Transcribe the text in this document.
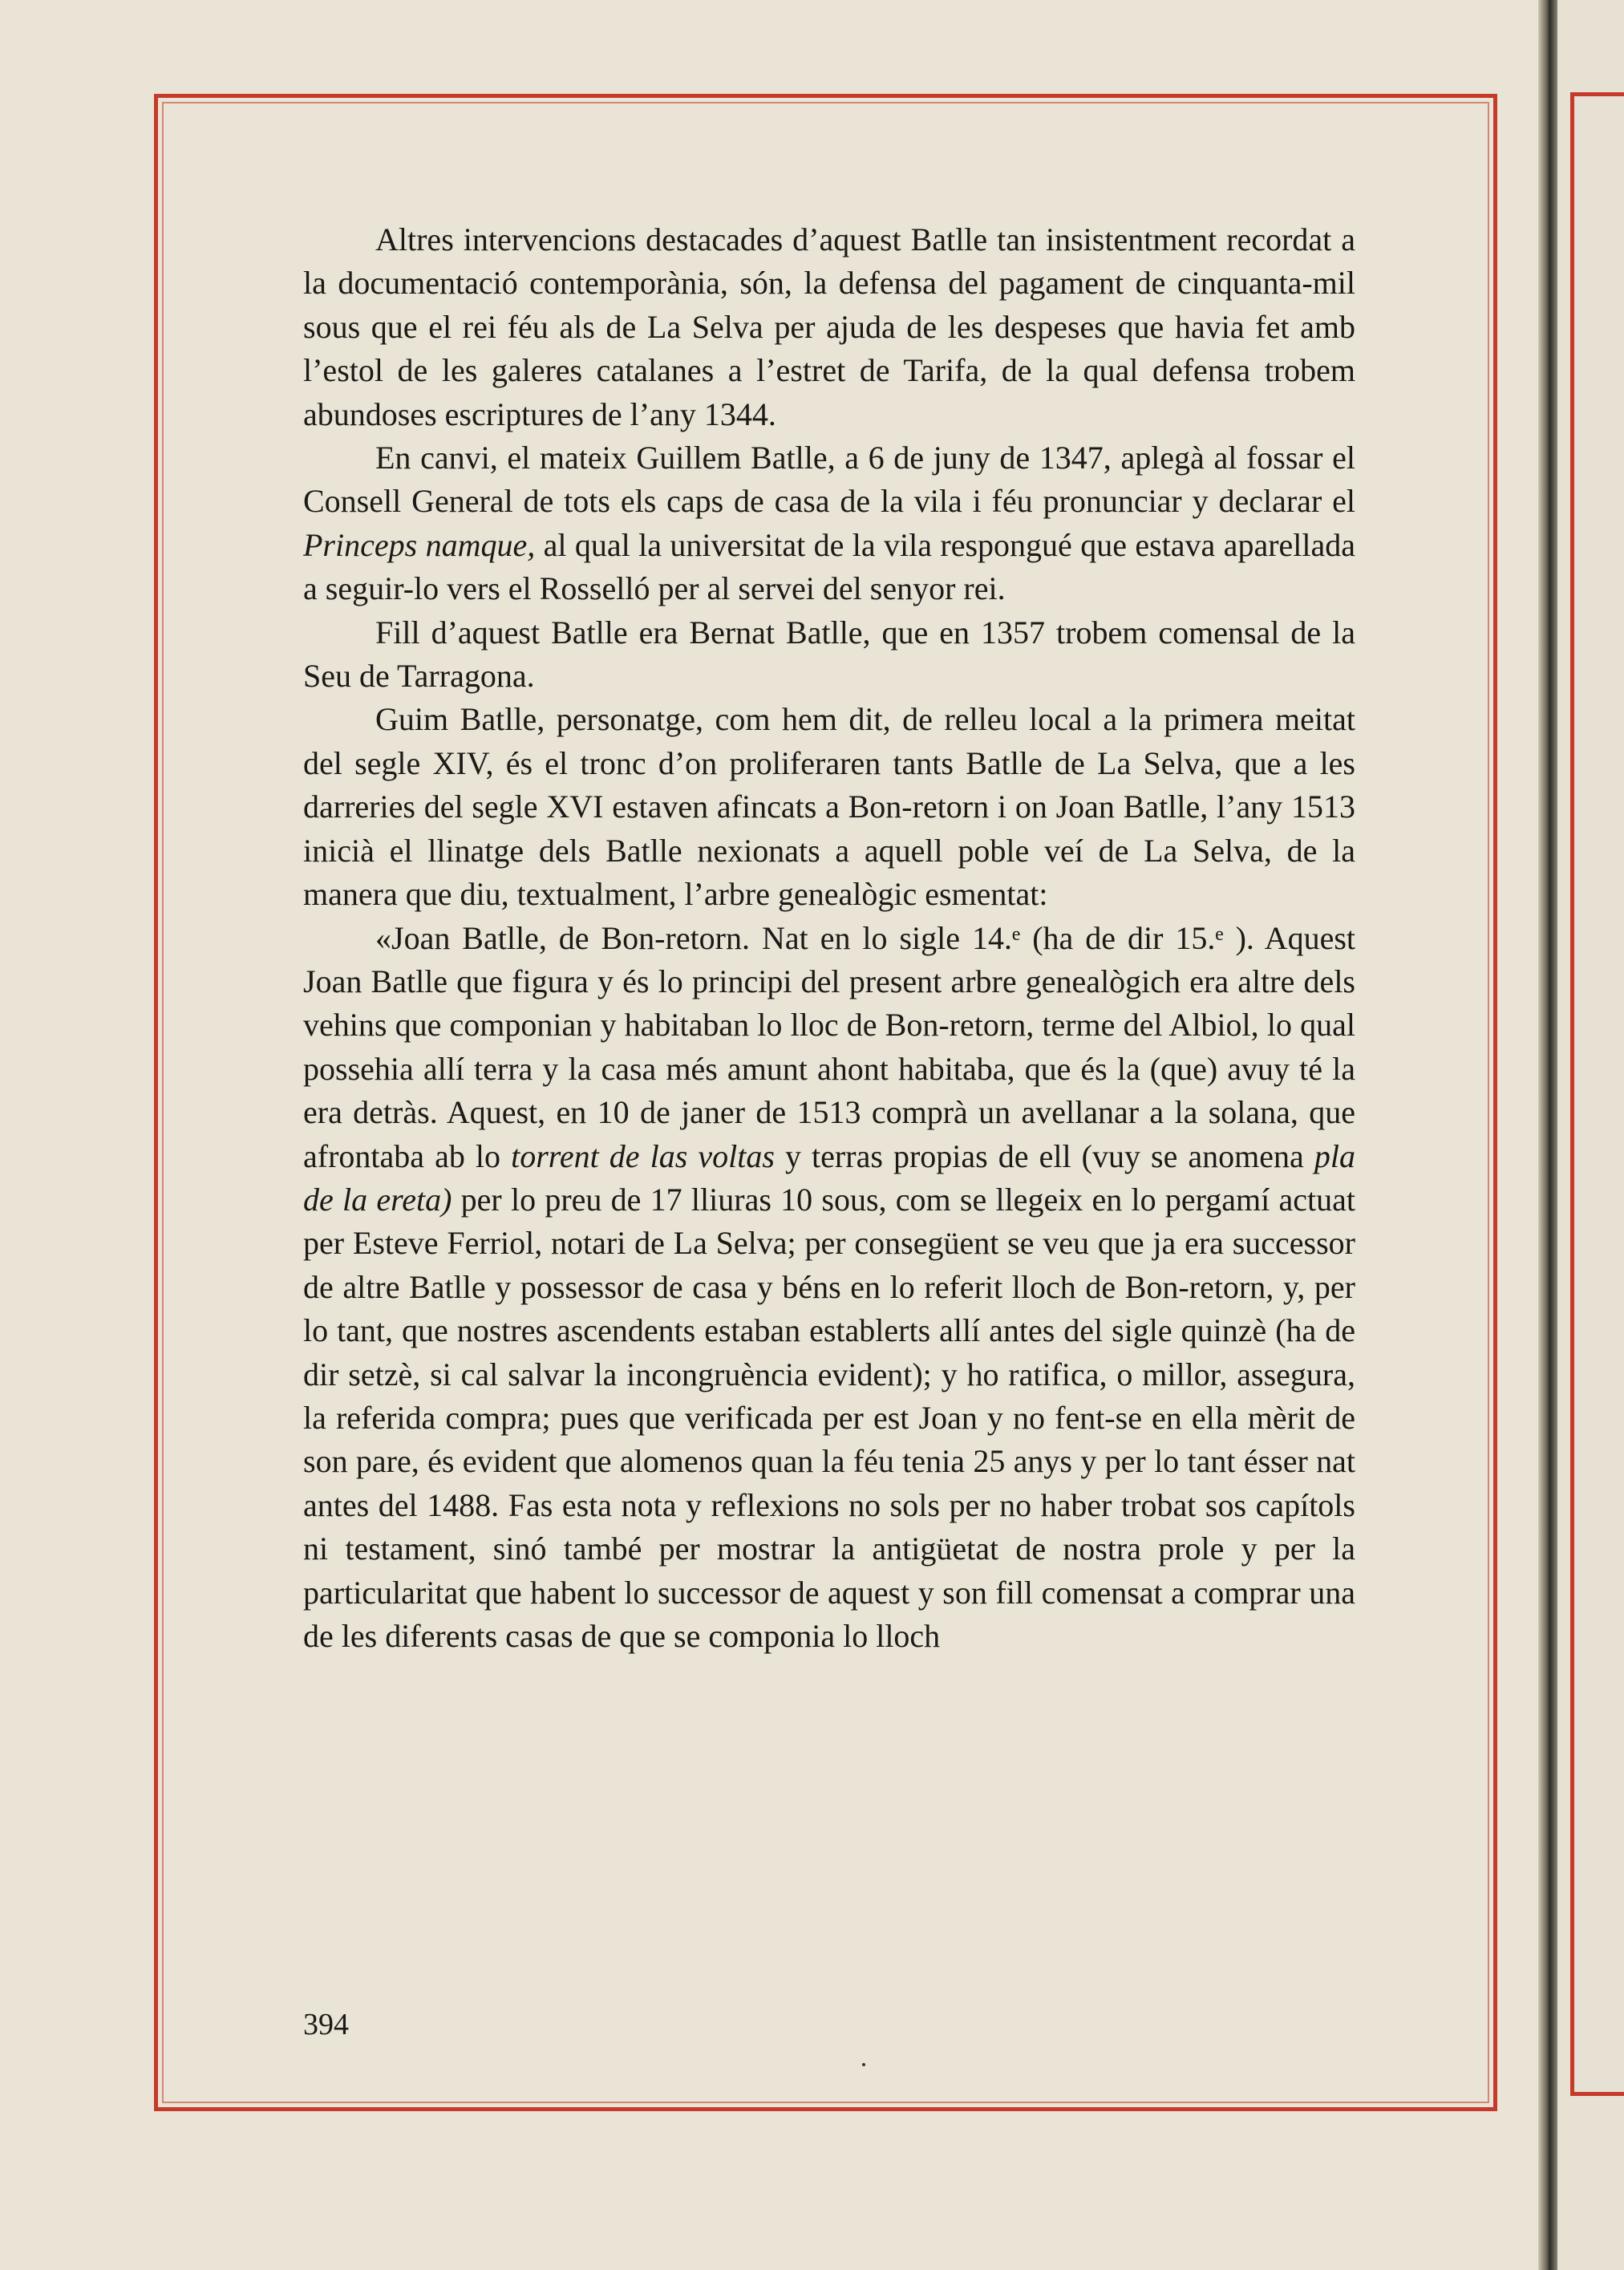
Altres intervencions destacades d’aquest Batlle tan insistentment recordat a la documentació contemporània, són, la defensa del pagament de cinquanta-mil sous que el rei féu als de La Selva per ajuda de les despeses que havia fet amb l’estol de les galeres catalanes a l’estret de Tarifa, de la qual defensa trobem abundoses escriptures de l’any 1344.

En canvi, el mateix Guillem Batlle, a 6 de juny de 1347, aplegà al fossar el Consell General de tots els caps de casa de la vila i féu pronunciar y declarar el Princeps namque, al qual la universitat de la vila respongué que estava aparellada a seguir-lo vers el Rosselló per al servei del senyor rei.

Fill d’aquest Batlle era Bernat Batlle, que en 1357 trobem comensal de la Seu de Tarragona.

Guim Batlle, personatge, com hem dit, de relleu local a la primera meitat del segle XIV, és el tronc d’on proliferaren tants Batlle de La Selva, que a les darreries del segle XVI estaven afincats a Bon-retorn i on Joan Batlle, l’any 1513 inicià el llinatge dels Batlle nexionats a aquell poble veí de La Selva, de la manera que diu, textualment, l’arbre genealògic esmentat:

«Joan Batlle, de Bon-retorn. Nat en lo sigle 14.ᵉ (ha de dir 15.ᵉ ). Aquest Joan Batlle que figura y és lo principi del present arbre genealògich era altre dels vehins que componian y habitaban lo lloc de Bon-retorn, terme del Albiol, lo qual possehia allí terra y la casa més amunt ahont habitaba, que és la (que) avuy té la era detràs. Aquest, en 10 de janer de 1513 comprà un avellanar a la solana, que afrontaba ab lo torrent de las voltas y terras propias de ell (vuy se anomena pla de la ereta) per lo preu de 17 lliuras 10 sous, com se llegeix en lo pergamí actuat per Esteve Ferriol, notari de La Selva; per consegüent se veu que ja era successor de altre Batlle y possessor de casa y béns en lo referit lloch de Bon-retorn, y, per lo tant, que nostres ascendents estaban establerts allí antes del sigle quinzè (ha de dir setzè, si cal salvar la incongruència evident); y ho ratifica, o millor, assegura, la referida compra; pues que verificada per est Joan y no fent-se en ella mèrit de son pare, és evident que alomenos quan la féu tenia 25 anys y per lo tant ésser nat antes del 1488. Fas esta nota y reflexions no sols per no haber trobat sos capítols ni testament, sinó també per mostrar la antigüetat de nostra prole y per la particularitat que habent lo successor de aquest y son fill comensat a comprar una de les diferents casas de que se componia lo lloch

394
